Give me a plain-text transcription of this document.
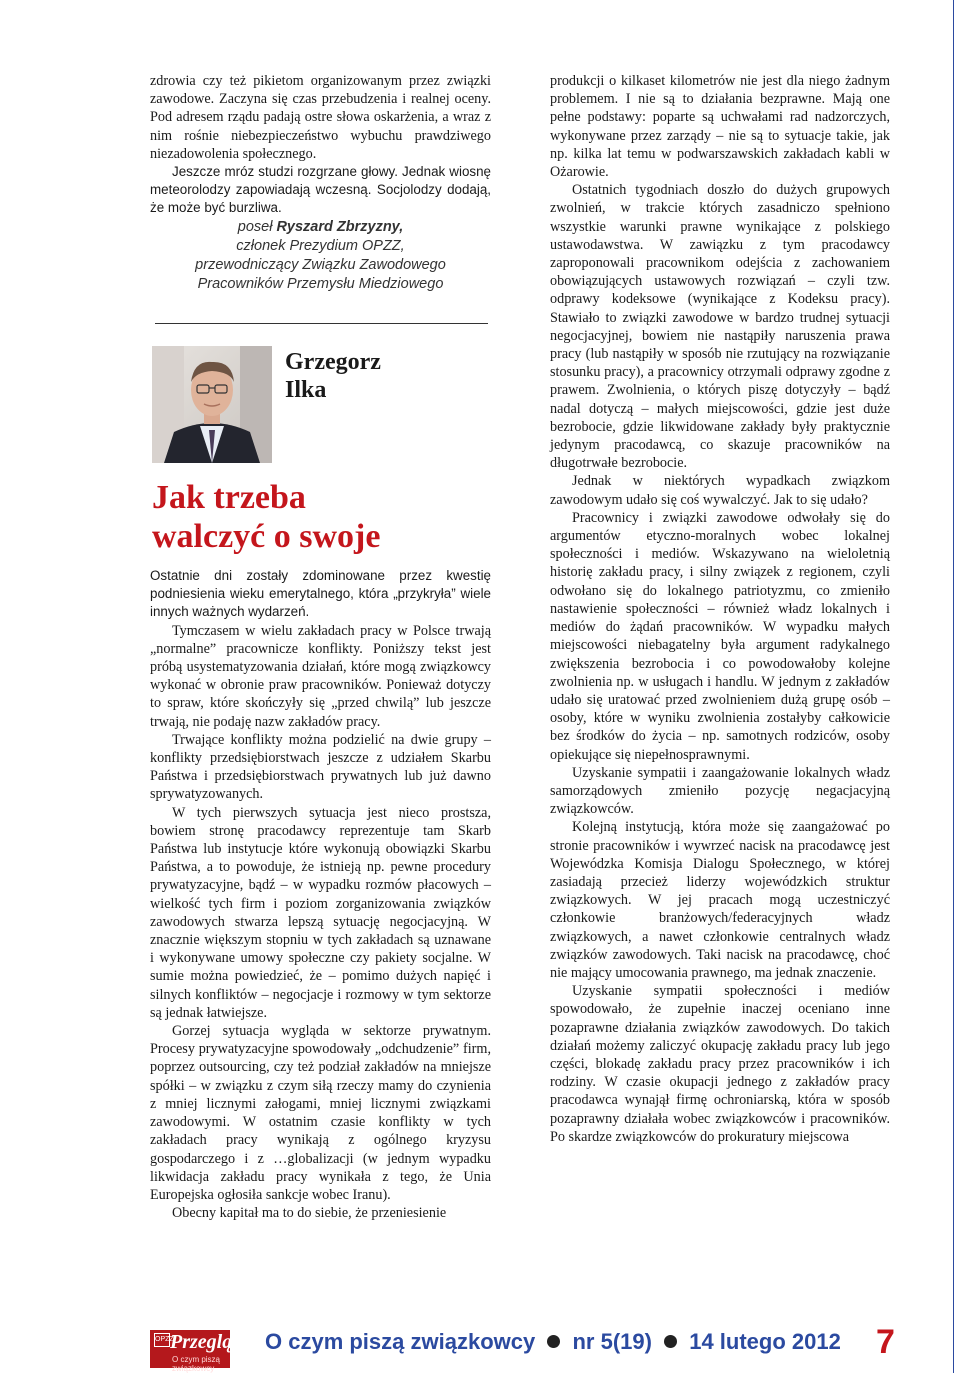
zdrowia czy też pikietom organizowanym przez związki zawodowe. Zaczyna się czas przebudzenia i realnej oceny. Pod adresem rządu padają ostre słowa oskarżenia, a wraz z nim rośnie niebezpieczeństwo wybuchu prawdziwego niezadowolenia społecznego.

Jeszcze mróz studzi rozgrzane głowy. Jednak wiosnę meteorolodzy zapowiadają wczesną. Socjolodzy dodają, że może być burzliwa.

poseł Ryszard Zbrzyzny,

członek Prezydium OPZZ,

przewodniczący Związku Zawodowego

Pracowników Przemysłu Miedziowego

Grzegorz
Ilka
Jak trzeba
walczyć o swoje

Ostatnie dni zostały zdominowane przez kwestię podniesienia wieku emerytalnego, która „przykryła” wiele innych ważnych wydarzeń.

Tymczasem w wielu zakładach pracy w Polsce trwają „normalne” pracownicze konflikty. Poniższy tekst jest próbą usystematyzowania działań, które mogą związkowcy wykonać w obronie praw pracowników. Ponieważ dotyczy to spraw, które skończyły się „przed chwilą” lub jeszcze trwają, nie podaję nazw zakładów pracy.

Trwające konflikty można podzielić na dwie grupy – konflikty przedsiębiorstwach jeszcze z udziałem Skarbu Państwa i przedsiębiorstwach prywatnych lub już dawno sprywatyzowanych.

W tych pierwszych sytuacja jest nieco prostsza, bowiem stronę pracodawcy reprezentuje tam Skarb Państwa lub instytucje które wykonują obowiązki Skarbu Państwa, a to powoduje, że istnieją np. pewne procedury prywatyzacyjne, bądź – w wypadku rozmów płacowych – wielkość tych firm i poziom zorganizowania związków zawodowych stwarza lepszą sytuację negocjacyjną. W znacznie większym stopniu w tych zakładach są uznawane i wykonywane umowy społeczne czy pakiety socjalne. W sumie można powiedzieć, że – pomimo dużych napięć i silnych konfliktów – negocjacje i rozmowy w tym sektorze są jednak łatwiejsze.

Gorzej sytuacja wygląda w sektorze prywatnym. Procesy prywatyzacyjne spowodowały „odchudzenie” firm, poprzez outsourcing, czy też podział zakładów na mniejsze spółki – w związku z czym siłą rzeczy mamy do czynienia z mniej licznymi załogami, mniej licznymi związkami zawodowymi. W ostatnim czasie konflikty w tych zakładach pracy wynikają z ogólnego kryzysu gospodarczego i z …globalizacji (w jednym wypadku likwidacja zakładu pracy wynikała z tego, że Unia Europejska ogłosiła sankcje wobec Iranu).

Obecny kapitał ma to do siebie, że przeniesienie

produkcji o kilkaset kilometrów nie jest dla niego żadnym problemem. I nie są to działania bezprawne. Mają one pełne podstawy: poparte są uchwałami rad nadzorczych, wykonywane przez zarządy – nie są to sytuacje takie, jak np. kilka lat temu w podwarszawskich zakładach kabli w Ożarowie.

Ostatnich tygodniach doszło do dużych grupowych zwolnień, w trakcie których zasadniczo spełniono wszystkie warunki prawne wynikające z polskiego ustawodawstwa. W zawiązku z tym pracodawcy zaproponowali pracownikom odejścia z zachowaniem obowiązujących ustawowych rozwiązań – czyli tzw. odprawy kodeksowe (wynikające z Kodeksu pracy). Stawiało to związki zawodowe w bardzo trudnej sytuacji negocjacyjnej, bowiem nie nastąpiły naruszenia prawa pracy (lub nastąpiły w sposób nie rzutujący na rozwiązanie stosunku pracy), a pracownicy otrzymali odprawy zgodne z prawem. Zwolnienia, o których piszę dotyczyły – bądź nadal dotyczą – małych miejscowości, gdzie jest duże bezrobocie, gdzie likwidowane zakłady były praktycznie jedynym pracodawcą, co skazuje pracowników na długotrwałe bezrobocie.

Jednak w niektórych wypadkach związkom zawodowym udało się coś wywalczyć. Jak to się udało?

Pracownicy i związki zawodowe odwołały się do argumentów etyczno-moralnych wobec lokalnej społeczności i mediów. Wskazywano na wieloletnią historię zakładu pracy, i silny związek z regionem, czyli odwołano się do lokalnego patriotyzmu, co zmieniło nastawienie społeczności – również władz lokalnych i mediów do żądań pracowników. W wypadku małych miejscowości niebagatelny była argument radykalnego zwiększenia bezrobocia i co powodowałoby kolejne zwolnienia np. w usługach i handlu. W jednym z zakładów udało się uratować przed zwolnieniem dużą grupę osób – osoby, które w wyniku zwolnienia zostałyby całkowicie bez środków do życia – np. samotnych rodziców, osoby opiekujące się niepełnosprawnymi.

Uzyskanie sympatii i zaangażowanie lokalnych władz samorządowych zmieniło pozycję negacjacyjną związkowców.

Kolejną instytucją, która może się zaangażować po stronie pracowników i wywrzeć nacisk na pracodawcę jest Wojewódzka Komisja Dialogu Społecznego, w której zasiadają przecież liderzy wojewódzkich struktur związkowych. W jej pracach mogą uczestniczyć członkowie branżowych/federacyjnych władz związkowych, a nawet członkowie centralnych władz związków zawodowych. Taki nacisk na pracodawcę, choć nie mający umocowania prawnego, ma jednak znaczenie.

Uzyskanie sympatii społeczności i mediów spowodowało, że zupełnie inaczej oceniano inne pozaprawne działania związków zawodowych. Do takich działań możemy zaliczyć okupację zakładu pracy lub jego części, blokadę zakładu pracy przez pracowników i ich rodziny. W czasie okupacji jednego z zakładów pracy pracodawca wynajął firmę ochroniarską, która w sposób pozaprawny działała wobec związkowców i pracowników. Po skardze związkowców do prokuratury miejscowa

OPZZ
Przegląd
O czym piszą związkowcy
O czym piszą związkowcy nr 5(19) 14 lutego 2012 7
